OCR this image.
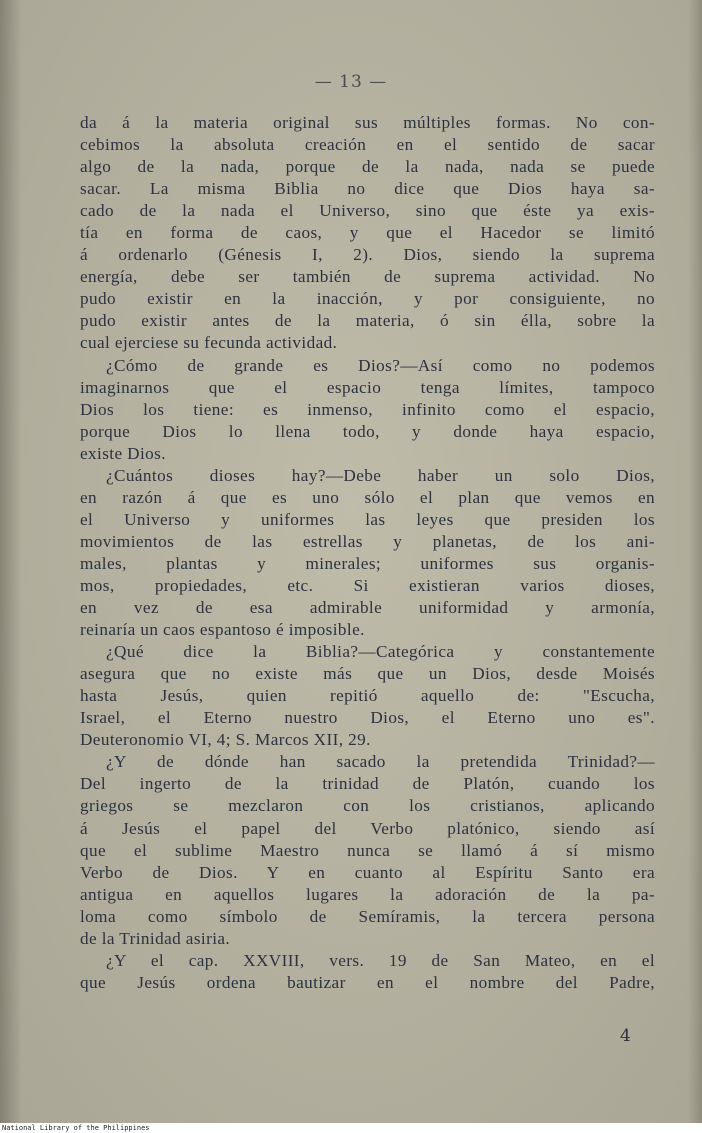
— 13 —
da á la materia original sus múltiples formas. No con-
cebimos la absoluta creación en el sentido de sacar
algo de la nada, porque de la nada, nada se puede
sacar. La misma Biblia no dice que Dios haya sa-
cado de la nada el Universo, sino que éste ya exis-
tía en forma de caos, y que el Hacedor se limitó
á ordenarlo (Génesis I, 2). Dios, siendo la suprema
energía, debe ser también de suprema actividad. No
pudo existir en la inacción, y por consiguiente, no
pudo existir antes de la materia, ó sin élla, sobre la
cual ejerciese su fecunda actividad.
¿Cómo de grande es Dios?—Así como no podemos
imaginarnos que el espacio tenga límites, tampoco
Dios los tiene: es inmenso, infinito como el espacio,
porque Dios lo llena todo, y donde haya espacio,
existe Dios.
¿Cuántos dioses hay?—Debe haber un solo Dios,
en razón á que es uno sólo el plan que vemos en
el Universo y uniformes las leyes que presiden los
movimientos de las estrellas y planetas, de los ani-
males, plantas y minerales; uniformes sus organis-
mos, propiedades, etc. Si existieran varios dioses,
en vez de esa admirable uniformidad y armonía,
reinaría un caos espantoso é imposible.
¿Qué dice la Biblia?—Categórica y constantemente
asegura que no existe más que un Dios, desde Moisés
hasta Jesús, quien repitió aquello de: "Escucha,
Israel, el Eterno nuestro Dios, el Eterno uno es".
Deuteronomio VI, 4; S. Marcos XII, 29.
¿Y de dónde han sacado la pretendida Trinidad?—
Del ingerto de la trinidad de Platón, cuando los
griegos se mezclaron con los cristianos, aplicando
á Jesús el papel del Verbo platónico, siendo así
que el sublime Maestro nunca se llamó á sí mismo
Verbo de Dios. Y en cuanto al Espíritu Santo era
antigua en aquellos lugares la adoración de la pa-
loma como símbolo de Semíramis, la tercera persona
de la Trinidad asiria.
¿Y el cap. XXVIII, vers. 19 de San Mateo, en el
que Jesús ordena bautizar en el nombre del Padre,
4
National Library of the Philippines
